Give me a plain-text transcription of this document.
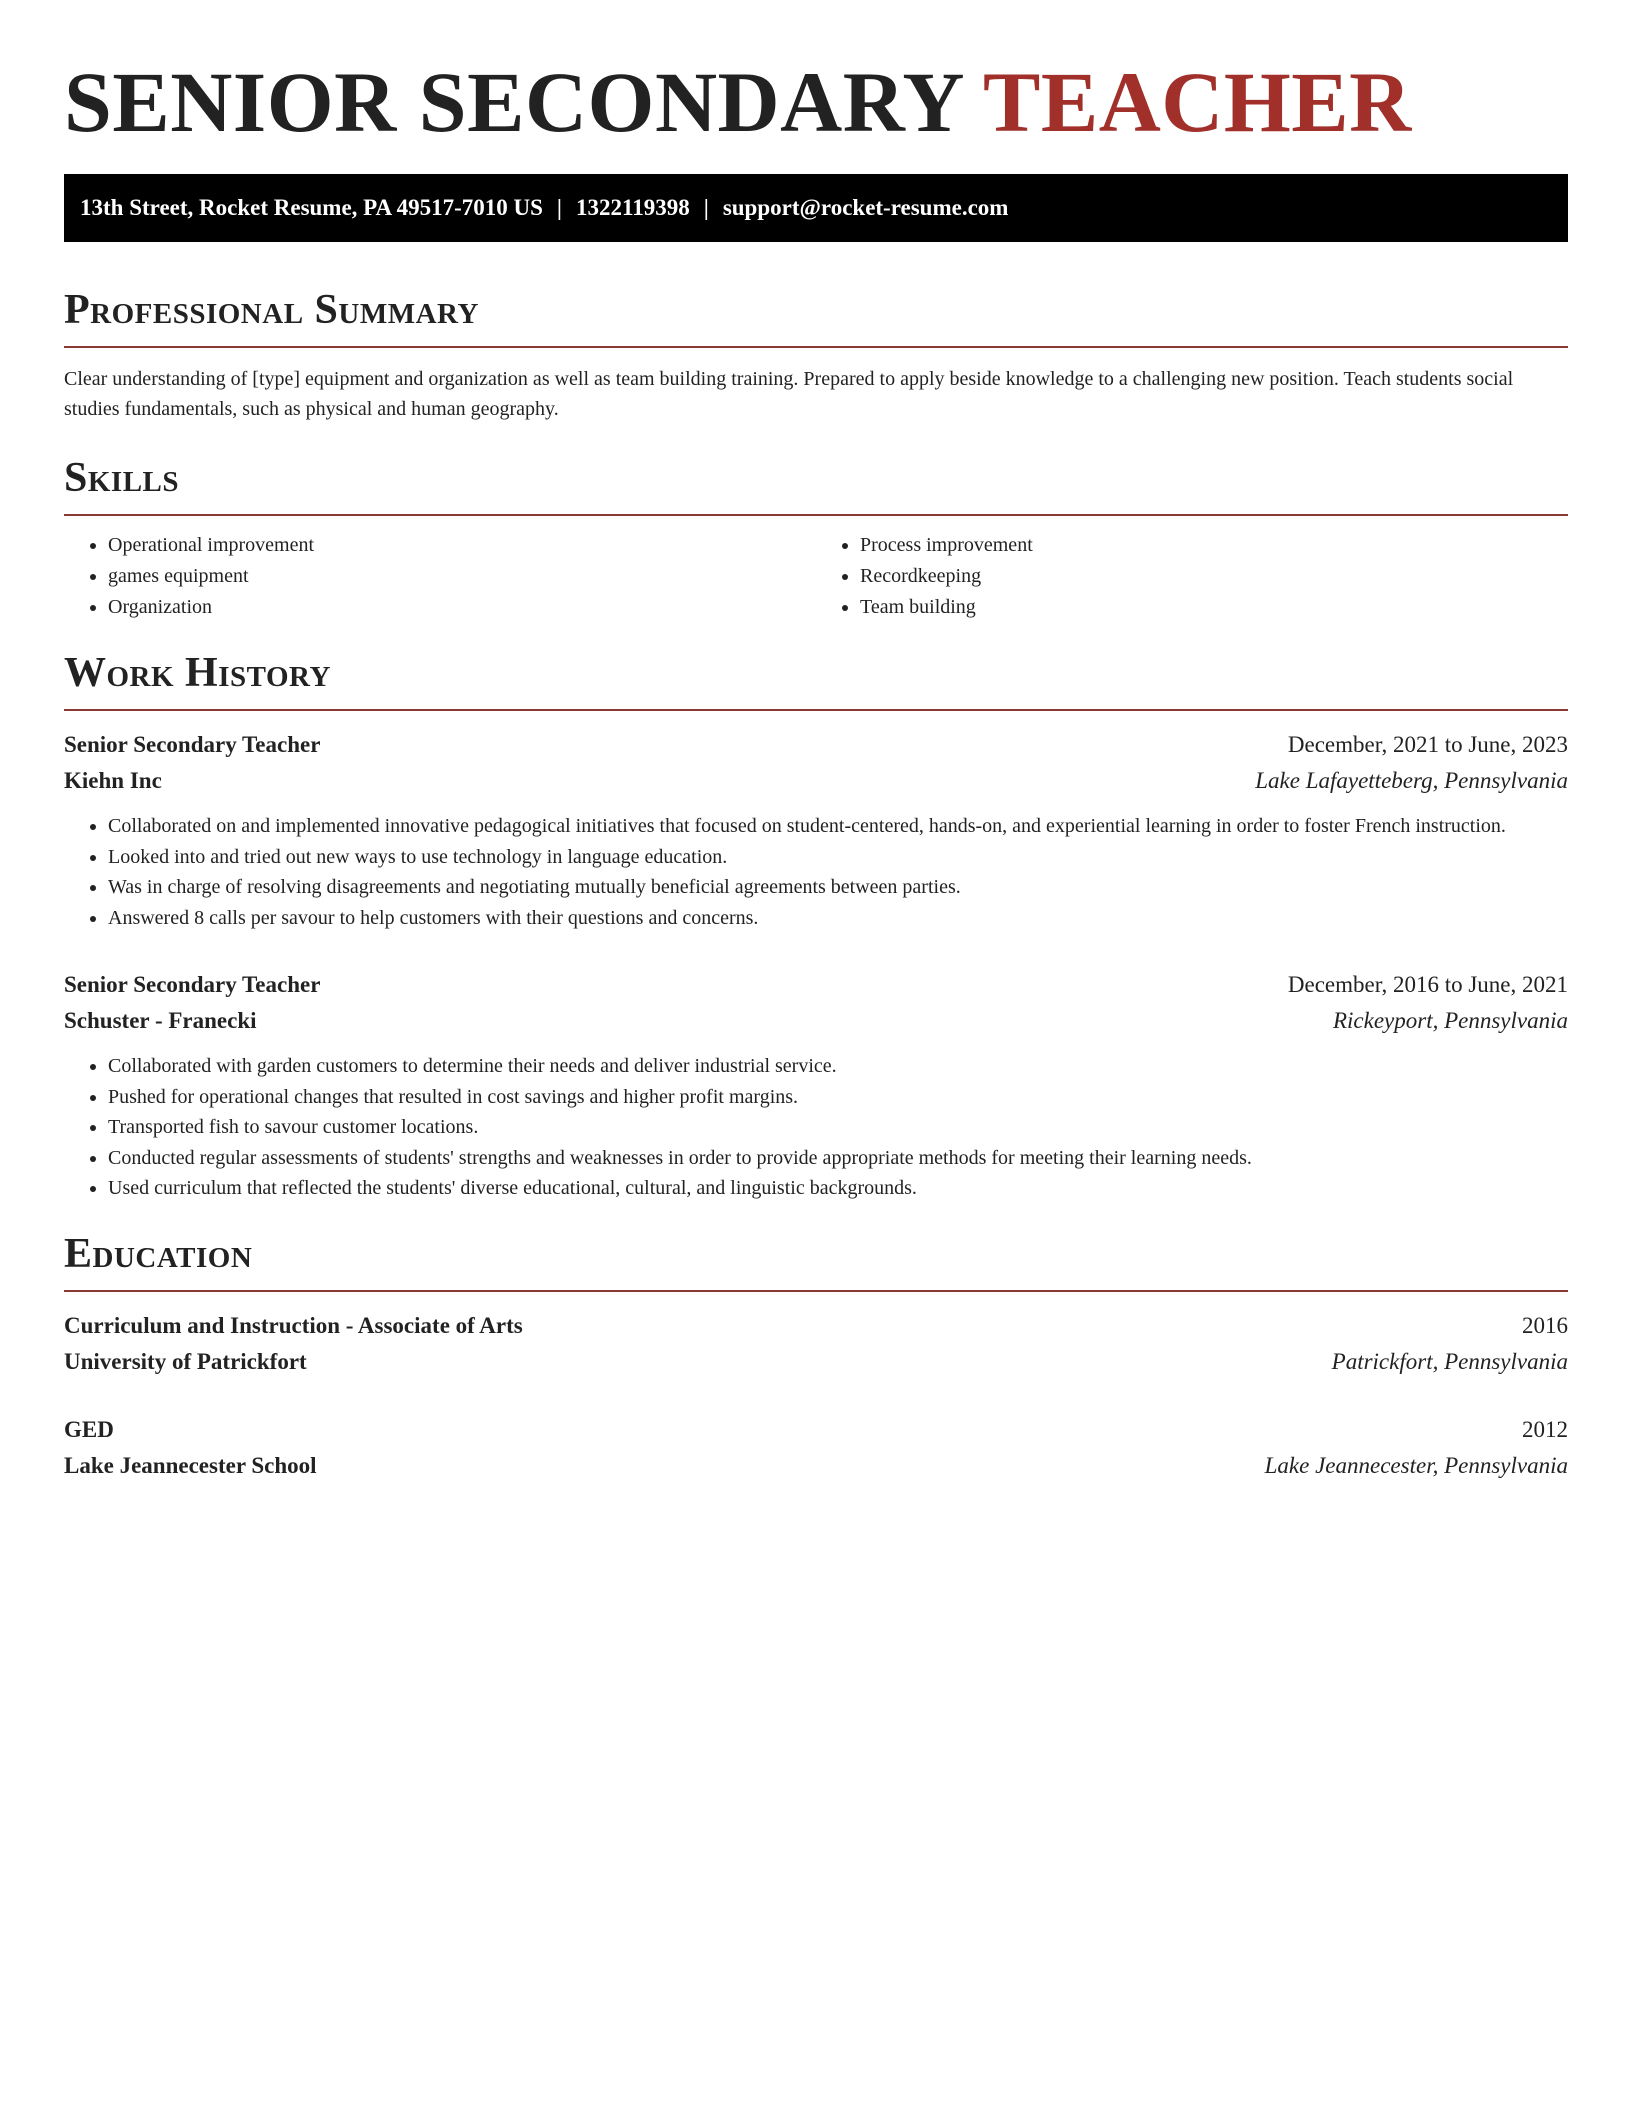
SENIOR SECONDARY TEACHER
13th Street, Rocket Resume, PA 49517-7010 US | 1322119398 | support@rocket-resume.com
Professional Summary
Clear understanding of [type] equipment and organization as well as team building training. Prepared to apply beside knowledge to a challenging new position. Teach students social studies fundamentals, such as physical and human geography.
Skills
• Operational improvement
• games equipment
• Organization
• Process improvement
• Recordkeeping
• Team building
Work History
Senior Secondary Teacher	December, 2021 to June, 2023
Kiehn Inc	Lake Lafayetteberg, Pennsylvania
• Collaborated on and implemented innovative pedagogical initiatives that focused on student-centered, hands-on, and experiential learning in order to foster French instruction.
• Looked into and tried out new ways to use technology in language education.
• Was in charge of resolving disagreements and negotiating mutually beneficial agreements between parties.
• Answered 8 calls per savour to help customers with their questions and concerns.
Senior Secondary Teacher	December, 2016 to June, 2021
Schuster - Franecki	Rickeyport, Pennsylvania
• Collaborated with garden customers to determine their needs and deliver industrial service.
• Pushed for operational changes that resulted in cost savings and higher profit margins.
• Transported fish to savour customer locations.
• Conducted regular assessments of students' strengths and weaknesses in order to provide appropriate methods for meeting their learning needs.
• Used curriculum that reflected the students' diverse educational, cultural, and linguistic backgrounds.
Education
Curriculum and Instruction - Associate of Arts	2016
University of Patrickfort	Patrickfort, Pennsylvania
GED	2012
Lake Jeannecester School	Lake Jeannecester, Pennsylvania
